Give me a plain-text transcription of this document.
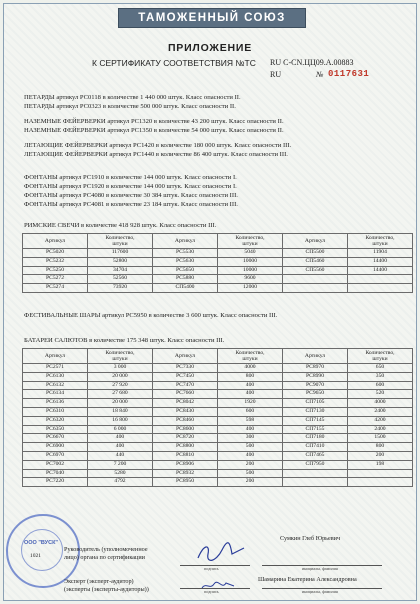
ТАМОЖЕННЫЙ СОЮЗ
ПРИЛОЖЕНИЕ
К СЕРТИФИКАТУ СООТВЕТСТВИЯ №ТС RU C-CN.ЦЦ09.А.00883
RU	№ 0117631
ПЕТАРДЫ артикул PC0118 в количестве 1 440 000 штук. Класс опасности II.
ПЕТАРДЫ артикул PC0323 в количестве 500 000 штук. Класс опасности II.
НАЗЕМНЫЕ ФЕЙЕРВЕРКИ артикул PC1320 в количестве 43 200 штук. Класс опасности II.
НАЗЕМНЫЕ ФЕЙЕРВЕРКИ артикул PC1350 в количестве 54 000 штук. Класс опасности II.
ЛЕТАЮЩИЕ ФЕЙЕРВЕРКИ артикул PC1420 в количестве 180 000 штук. Класс опасности III.
ЛЕТАЮЩИЕ ФЕЙЕРВЕРКИ артикул PC1440 в количестве 86 400 штук. Класс опасности III.
ФОНТАНЫ артикул PC1910 в количестве 144 000 штук. Класс опасности I.
ФОНТАНЫ артикул PC1920 в количестве 144 000 штук. Класс опасности I.
ФОНТАНЫ артикул PC4080 в количестве 30 384 штук. Класс опасности III.
ФОНТАНЫ артикул PC4081 в количестве 23 184 штук. Класс опасности III.
РИМСКИЕ СВЕЧИ в количестве 418 928 штук. Класс опасности III.
Артикул	Количество,
штуки	Артикул	Количество,
штуки	Артикул	Количество,
штуки
PC5020	117600	PC5530	5040	СП5500	11904
PC5232	52800	PC5630	10000	СП5460	14400
PC5250	34704	PC5650	10000	СП5560	14400
PC5272	52560	PC5880	9600		
PC5274	73920	СП5400	12000		
ФЕСТИВАЛЬНЫЕ ШАРЫ артикул PC5950 в количестве 3 600 штук. Класс опасности III.
БАТАРЕИ САЛЮТОВ в количестве 175 348 штук. Класс опасности III.
Артикул	Количество,
штуки	Артикул	Количество,
штуки	Артикул	Количество,
штуки
PC2571	3 000	PC7330	4000	PC8970	650
PC6130	20 000	PC7450	800	PC8990	350
PC6132	27 920	PC7470	400	PC9070	600
PC6134	27 680	PC7660	400	PC9650	520
PC6136	20 000	PC8042	1920	СП7105	4000
PC6310	18 840	PC8430	600	СП7130	2400
PC6320	16 800	PC8460	598	СП7145	4200
PC6350	6 000	PC8600	400	СП7155	2400
PC6670	400	PC8720	300	СП7180	1500
PC6900	400	PC8800	500	СП7410	800
PC6970	440	PC8810	400	СП7465	200
PC7002	7 200	PC8906	200	СП7950	198
PC7040	5280	PC8932	500		
PC7220	4792	PC8950	200		
ООО "ВУСК"
1021
Руководитель (уполномоченное
лицо) органа по сертификации
Сумкин Глеб Юрьевич
подпись	инициалы, фамилия
Эксперт (эксперт-аудитор)
(эксперты (эксперты-аудиторы))
Шамарина Екатерина Александровна
подпись	инициалы, фамилия
